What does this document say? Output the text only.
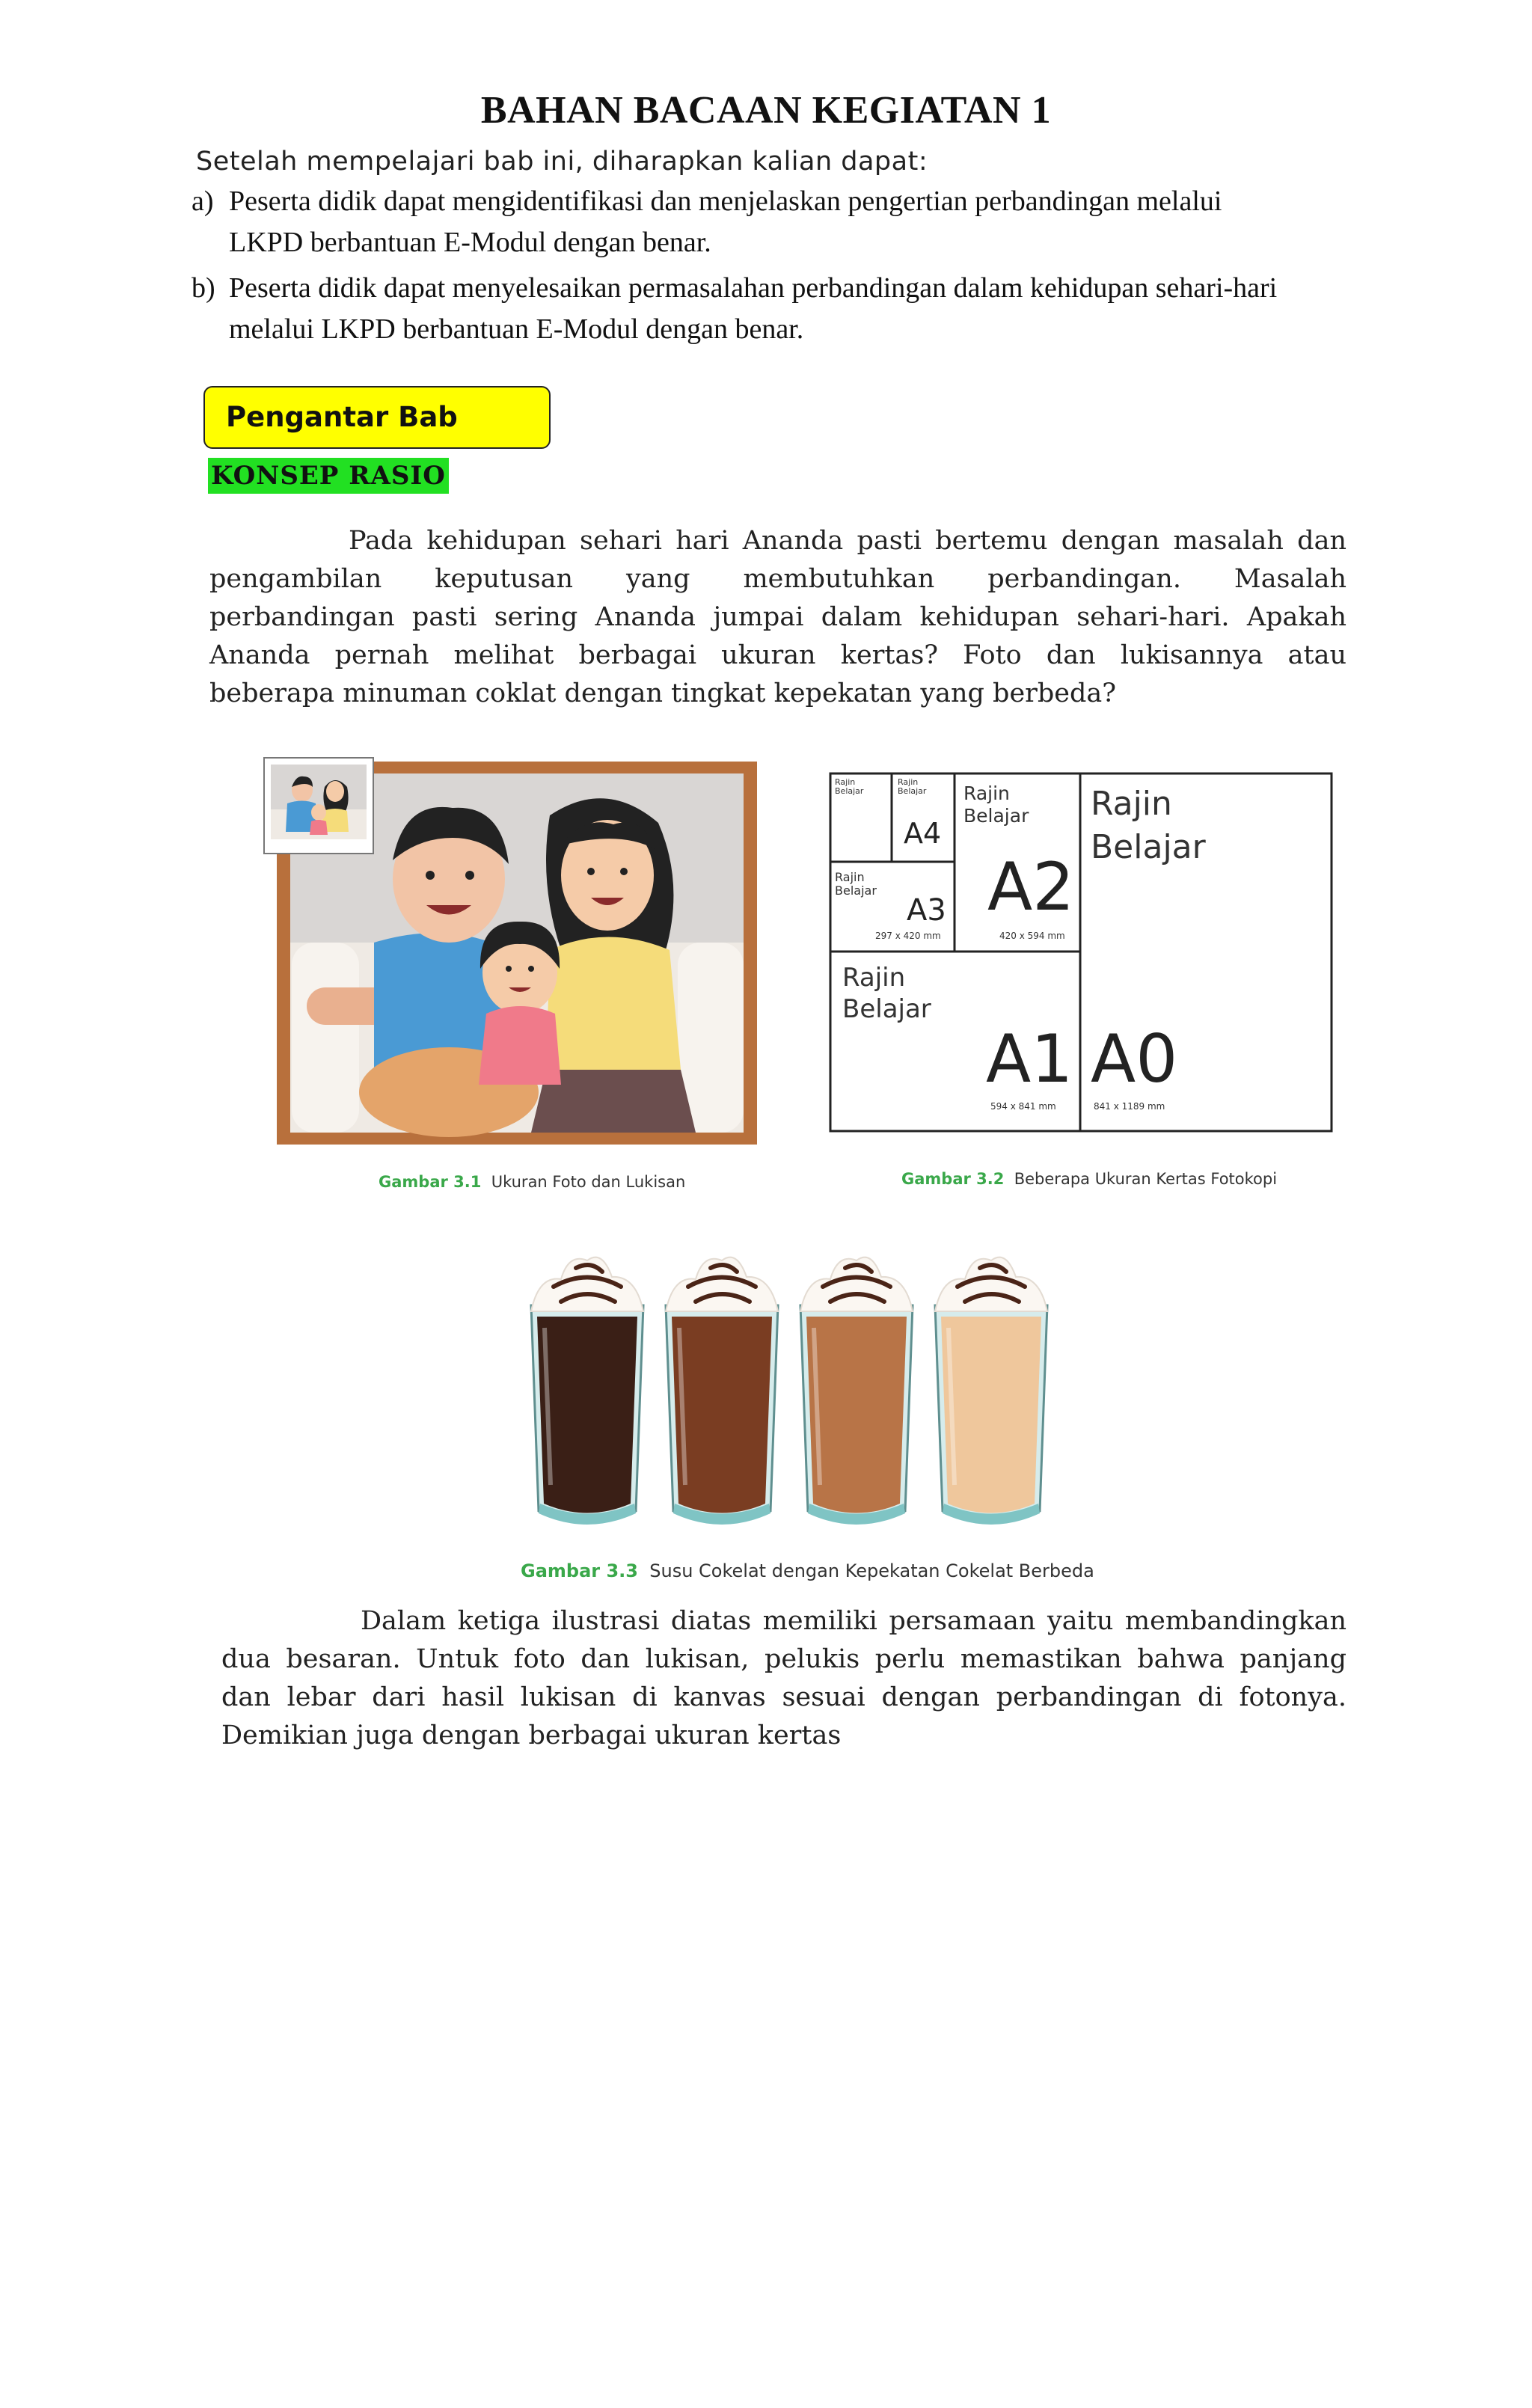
BAHAN BACAAN KEGIATAN 1
Setelah mempelajari bab ini, diharapkan kalian dapat:
a) Peserta didik dapat mengidentifikasi dan menjelaskan pengertian perbandingan melalui
LKPD berbantuan E-Modul dengan benar.
b) Peserta didik dapat menyelesaikan permasalahan perbandingan dalam kehidupan sehari-hari
melalui LKPD berbantuan E-Modul dengan benar.
Pengantar Bab
KONSEP RASIO
Pada kehidupan sehari hari Ananda pasti bertemu dengan masalah dan
pengambilan keputusan yang membutuhkan perbandingan. Masalah
perbandingan pasti sering Ananda jumpai dalam kehidupan sehari-hari. Apakah
Ananda pernah melihat berbagai ukuran kertas? Foto dan lukisannya atau
beberapa minuman coklat dengan tingkat kepekatan yang berbeda?
Gambar 3.1 Ukuran Foto dan Lukisan
Rajin
Belajar
Rajin
Belajar
A4
Rajin
Belajar
A3
297 x 420 mm
Rajin
Belajar
A2
420 x 594 mm
Rajin
Belajar
A1
594 x 841 mm
Rajin
Belajar
A0
841 x 1189 mm
Gambar 3.2 Beberapa Ukuran Kertas Fotokopi
Gambar 3.3 Susu Cokelat dengan Kepekatan Cokelat Berbeda
Dalam ketiga ilustrasi diatas memiliki persamaan yaitu membandingkan
dua besaran. Untuk foto dan lukisan, pelukis perlu memastikan bahwa panjang
dan lebar dari hasil lukisan di kanvas sesuai dengan perbandingan di fotonya.
Demikian juga dengan berbagai ukuran kertas
